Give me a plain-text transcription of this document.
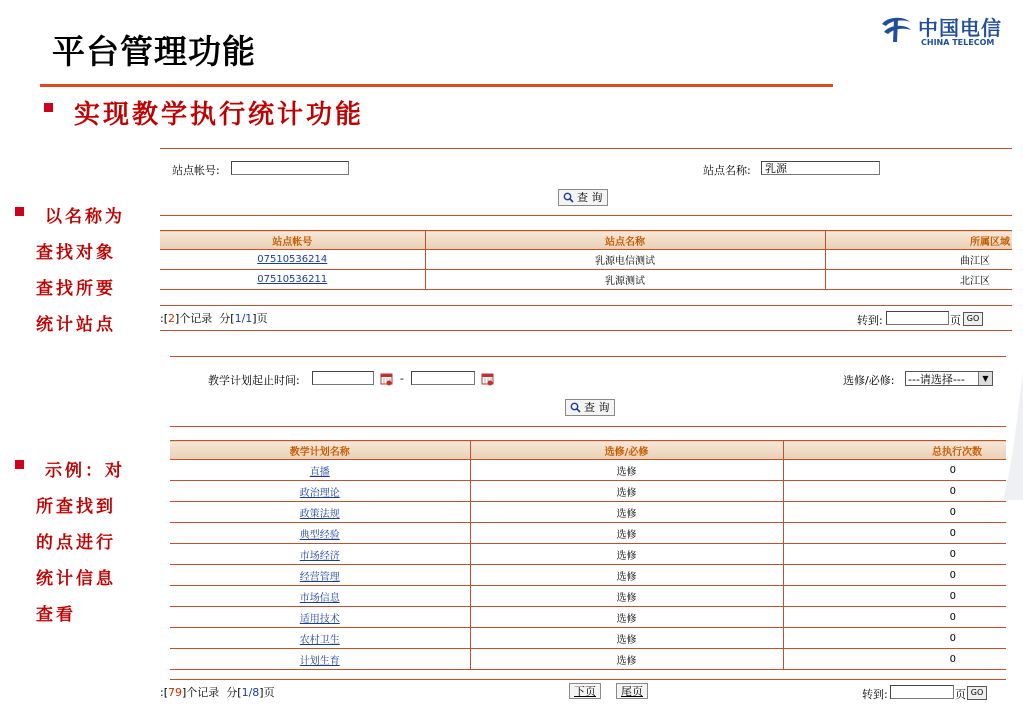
平台管理功能
实现教学执行统计功能
中国电信
CHINA TELECOM
以名称为
查找对象
查找所要
统计站点
示例：对
所查找到
的点进行
统计信息
查看
站点帐号:	站点名称:	乳源
查 询
站点帐号	站点名称	所属区域
07510536214	乳源电信测试	曲江区
07510536211	乳源测试	北江区
:[2]个记录  分[1/1]页	转到:	页 GO
教学计划起止时间:	-	选修/必修: ---请选择---	▼
查 询
教学计划名称	选修/必修	总执行次数
直播	选修	0
政治理论	选修	0
政策法规	选修	0
典型经验	选修	0
市场经济	选修	0
经营管理	选修	0
市场信息	选修	0
适用技术	选修	0
农村卫生	选修	0
计划生育	选修	0
:[79]个记录  分[1/8]页	下页 尾页	转到:	页 GO
